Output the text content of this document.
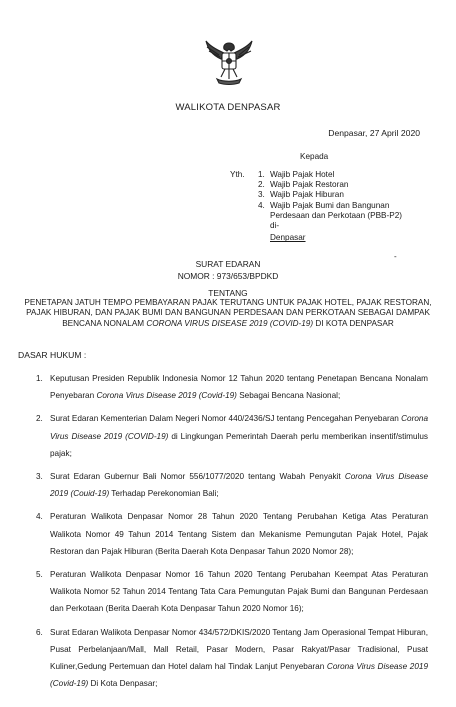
WALIKOTA DENPASAR
Denpasar, 27 April 2020
Kepada
Yth. 1. Wajib Pajak Hotel
2. Wajib Pajak Restoran
3. Wajib Pajak Hiburan
4. Wajib Pajak Bumi dan Bangunan
Perdesaan dan Perkotaan (PBB-P2)
di-
Denpasar
-
SURAT EDARAN
NOMOR : 973/653/BPDKD
TENTANG
PENETAPAN JATUH TEMPO PEMBAYARAN PAJAK TERUTANG UNTUK PAJAK HOTEL, PAJAK RESTORAN, PAJAK HIBURAN, DAN PAJAK BUMI DAN BANGUNAN PERDESAAN DAN PERKOTAAN SEBAGAI DAMPAK BENCANA NONALAM CORONA VIRUS DISEASE 2019 (COVID-19) DI KOTA DENPASAR
DASAR HUKUM :
1. Keputusan Presiden Republik Indonesia Nomor 12 Tahun 2020 tentang Penetapan Bencana Nonalam Penyebaran Corona Virus Disease 2019 (Covid-19) Sebagai Bencana Nasional;
2. Surat Edaran Kementerian Dalam Negeri Nomor 440/2436/SJ tentang Pencegahan Penyebaran Corona Virus Disease 2019 (COVID-19) di Lingkungan Pemerintah Daerah perlu memberikan insentif/stimulus pajak;
3. Surat Edaran Gubernur Bali Nomor 556/1077/2020 tentang Wabah Penyakit Corona Virus Disease 2019 (Couid-19) Terhadap Perekonomian Bali;
4. Peraturan Walikota Denpasar Nomor 28 Tahun 2020 Tentang Perubahan Ketiga Atas Peraturan Walikota Nomor 49 Tahun 2014 Tentang Sistem dan Mekanisme Pemungutan Pajak Hotel, Pajak Restoran dan Pajak Hiburan (Berita Daerah Kota Denpasar Tahun 2020 Nomor 28);
5. Peraturan Walikota Denpasar Nomor 16 Tahun 2020 Tentang Perubahan Keempat Atas Peraturan Walikota Nomor 52 Tahun 2014 Tentang Tata Cara Pemungutan Pajak Bumi dan Bangunan Perdesaan dan Perkotaan (Berita Daerah Kota Denpasar Tahun 2020 Nomor 16);
6. Surat Edaran Walikota Denpasar Nomor 434/572/DKIS/2020 Tentang Jam Operasional Tempat Hiburan, Pusat Perbelanjaan/Mall, Mall Retail, Pasar Modern, Pasar Rakyat/Pasar Tradisional, Pusat Kuliner,Gedung Pertemuan dan Hotel dalam hal Tindak Lanjut Penyebaran Corona Virus Disease 2019 (Covid-19) Di Kota Denpasar;
